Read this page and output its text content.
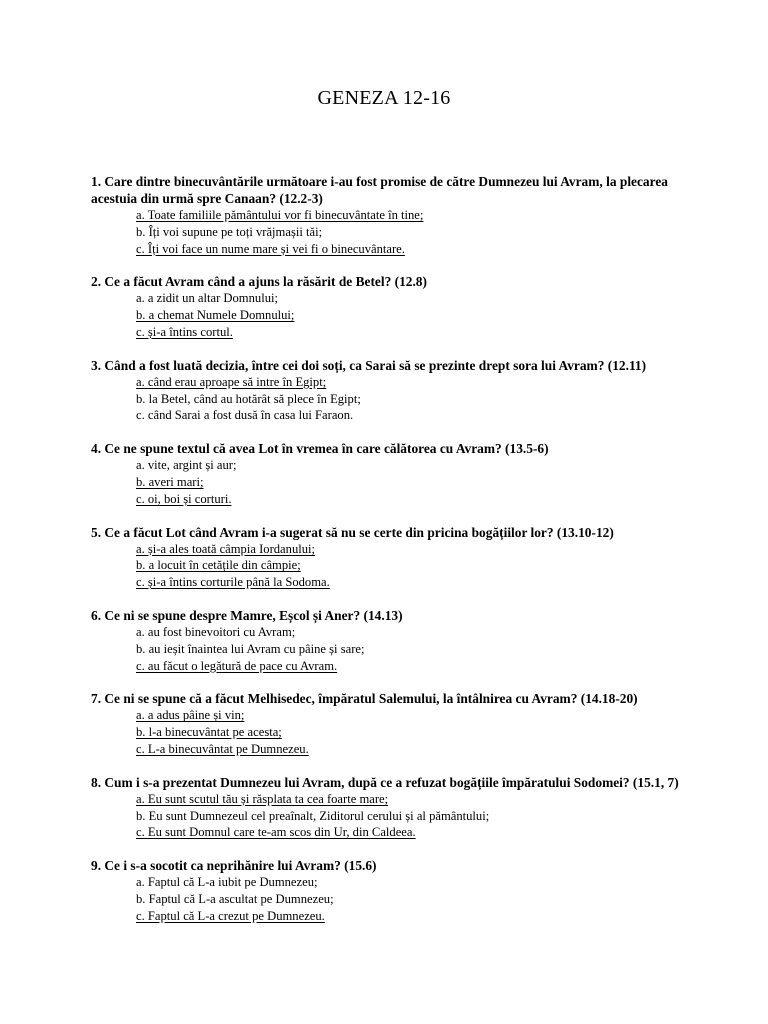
GENEZA 12-16
1. Care dintre binecuvântările următoare i-au fost promise de către Dumnezeu lui Avram, la plecarea acestuia din urmă spre Canaan? (12.2-3)
a. Toate familiile pământului vor fi binecuvântate în tine;
b. Îți voi supune pe toți vrăjmașii tăi;
c. Îți voi face un nume mare și vei fi o binecuvântare.
2. Ce a făcut Avram când a ajuns la răsărit de Betel? (12.8)
a. a zidit un altar Domnului;
b. a chemat Numele Domnului;
c. și-a întins cortul.
3. Când a fost luată decizia, între cei doi soți, ca Sarai să se prezinte drept sora lui Avram? (12.11)
a. când erau aproape să intre în Egipt;
b. la Betel, când au hotărât să plece în Egipt;
c. când Sarai a fost dusă în casa lui Faraon.
4. Ce ne spune textul că avea Lot în vremea în care călătorea cu Avram? (13.5-6)
a. vite, argint și aur;
b. averi mari;
c. oi, boi și corturi.
5. Ce a făcut Lot când Avram i-a sugerat să nu se certe din pricina bogățiilor lor? (13.10-12)
a. și-a ales toată câmpia Iordanului;
b. a locuit în cetățile din câmpie;
c. și-a întins corturile până la Sodoma.
6. Ce ni se spune despre Mamre, Eșcol și Aner? (14.13)
a. au fost binevoitori cu Avram;
b. au ieșit înaintea lui Avram cu pâine și sare;
c. au făcut o legătură de pace cu Avram.
7. Ce ni se spune că a făcut Melhisedec, împăratul Salemului, la întâlnirea cu Avram? (14.18-20)
a. a adus pâine și vin;
b. l-a binecuvântat pe acesta;
c. L-a binecuvântat pe Dumnezeu.
8. Cum i s-a prezentat Dumnezeu lui Avram, după ce a refuzat bogățiile împăratului Sodomei? (15.1, 7)
a. Eu sunt scutul tău și răsplata ta cea foarte mare;
b. Eu sunt Dumnezeul cel preaînalt, Ziditorul cerului și al pământului;
c. Eu sunt Domnul care te-am scos din Ur, din Caldeea.
9. Ce i s-a socotit ca neprihănire lui Avram? (15.6)
a. Faptul că L-a iubit pe Dumnezeu;
b. Faptul că L-a ascultat pe Dumnezeu;
c. Faptul că L-a crezut pe Dumnezeu.
